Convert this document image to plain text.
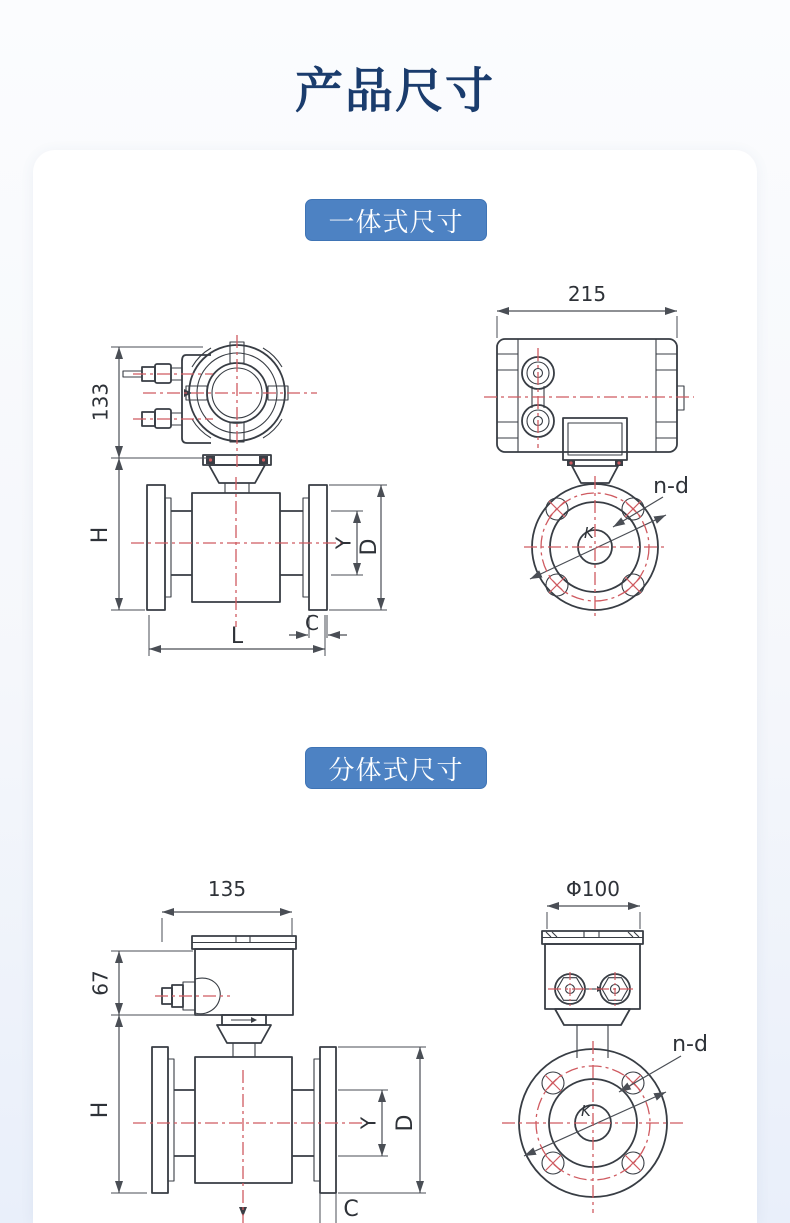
产品尺寸
一体式尺寸
分体式尺寸
133
H
D
Y
C
L
K
215
n-d
135
67
H
Y D
C
K
Φ100
n-d
